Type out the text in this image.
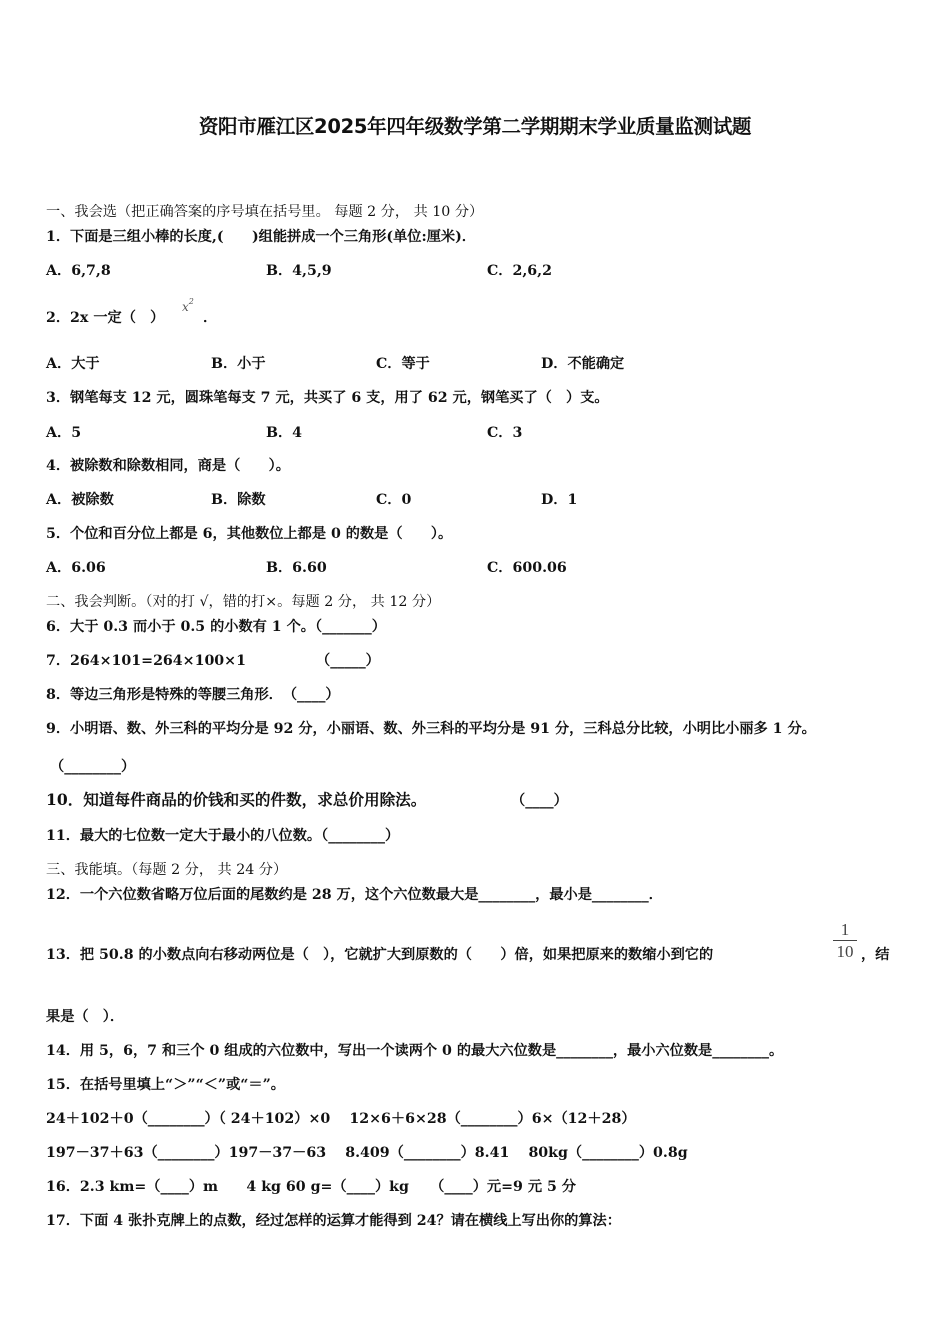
资阳市雁江区2025年四年级数学第二学期期末学业质量监测试题
一、我会选（把正确答案的序号填在括号里。 每题 2 分， 共 10 分）
1．下面是三组小棒的长度,(　　)组能拼成一个三角形(单位:厘米)．
A．6,7,8	B．4,5,9	C．2,6,2
2．2x 一定（　）
$x^2$
．
A．大于	B．小于	C．等于	D．不能确定
3．钢笔每支 12 元，圆珠笔每支 7 元，共买了 6 支，用了 62 元，钢笔买了（　）支。
A．5	B．4	C．3
4．被除数和除数相同，商是（　　）。
A．被除数	B．除数	C．0	D．1
5．个位和百分位上都是 6，其他数位上都是 0 的数是（　　）。
A．6.06	B．6.60	C．600.06
二、我会判断。（对的打 √，错的打×。每题 2 分， 共 12 分）
6．大于 0.3 而小于 0.5 的小数有 1 个。（_______）
7．264×101=264×100×1	（_____）
8．等边三角形是特殊的等腰三角形．　（____）
9．小明语、数、外三科的平均分是 92 分，小丽语、数、外三科的平均分是 91 分，三科总分比较，小明比小丽多 1 分。
（________）
10．知道每件商品的价钱和买的件数，求总价用除法。	（____）
11．最大的七位数一定大于最小的八位数。（________）
三、我能填。（每题 2 分， 共 24 分）
12．一个六位数省略万位后面的尾数约是 28 万，这个六位数最大是________，最小是________．
13．把 50.8 的小数点向右移动两位是（　），它就扩大到原数的（　　）倍，如果把原来的数缩小到它的
1
10 ，结
果是（　）．
14．用 5，6，7 和三个 0 组成的六位数中，写出一个读两个 0 的最大六位数是________，最小六位数是________。
15．在括号里填上“＞”“＜”或“＝”。
24＋102＋0（________）（ 24＋102）×0　 12×6＋6×28（________）6×（12＋28）
197－37＋63（________）197－37－63　 8.409（________）8.41　 80kg（________）0.8g
16．2.3 km=（____）m　　4 kg 60 g=（____）kg　　（____）元=9 元 5 分
17．下面 4 张扑克牌上的点数，经过怎样的运算才能得到 24？请在横线上写出你的算法：
